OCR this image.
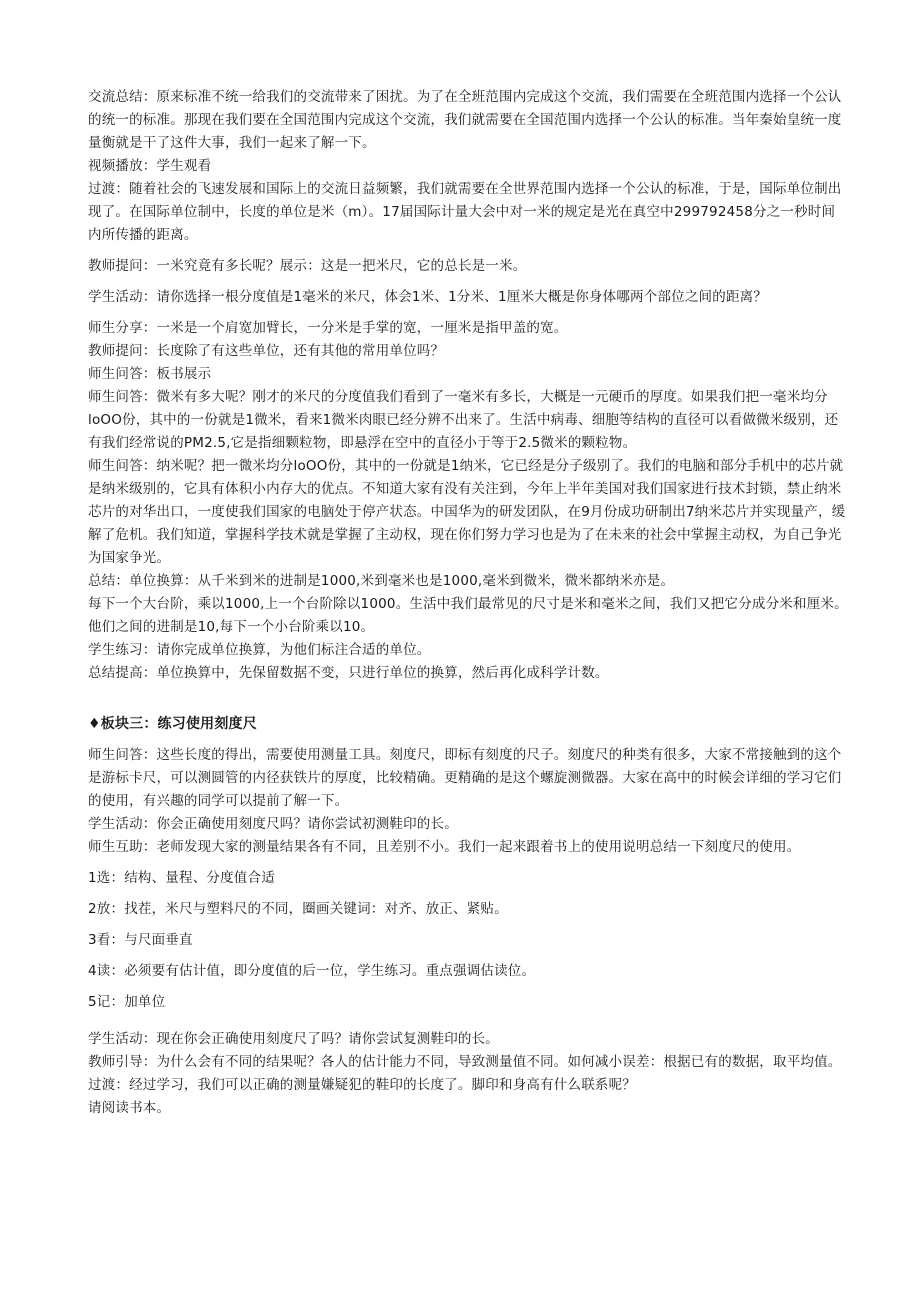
交流总结：原来标准不统一给我们的交流带来了困扰。为了在全班范围内完成这个交流，我们需要在全班范围内选择一个公认的统一的标准。那现在我们要在全国范围内完成这个交流，我们就需要在全国范围内选择一个公认的标准。当年秦始皇统一度量衡就是干了这件大事，我们一起来了解一下。

视频播放：学生观看

过渡：随着社会的飞速发展和国际上的交流日益频繁，我们就需要在全世界范围内选择一个公认的标准，于是，国际单位制出现了。在国际单位制中，长度的单位是米（m）。17届国际计量大会中对一米的规定是光在真空中299792458分之一秒时间内所传播的距离。

教师提问：一米究竟有多长呢？展示：这是一把米尺，它的总长是一米。

学生活动：请你选择一根分度值是1毫米的米尺，体会1米、1分米、1厘米大概是你身体哪两个部位之间的距离？

师生分享：一米是一个肩宽加臂长，一分米是手掌的宽，一厘米是指甲盖的宽。

教师提问：长度除了有这些单位，还有其他的常用单位吗？

师生问答：板书展示

师生问答：微米有多大呢？刚才的米尺的分度值我们看到了一毫米有多长，大概是一元硬币的厚度。如果我们把一毫米均分loOO份，其中的一份就是1微米，看来1微米肉眼已经分辨不出来了。生活中病毒、细胞等结构的直径可以看做微米级别，还有我们经常说的PM2.5,它是指细颗粒物，即悬浮在空中的直径小于等于2.5微米的颗粒物。

师生问答：纳米呢？把一微米均分loOO份，其中的一份就是1纳米，它已经是分子级别了。我们的电脑和部分手机中的芯片就是纳米级别的，它具有体积小内存大的优点。不知道大家有没有关注到，今年上半年美国对我们国家进行技术封锁，禁止纳米芯片的对华出口，一度使我们国家的电脑处于停产状态。中国华为的研发团队，在9月份成功研制出7纳米芯片并实现量产，缓解了危机。我们知道，掌握科学技术就是掌握了主动权，现在你们努力学习也是为了在未来的社会中掌握主动权，为自己争光为国家争光。

总结：单位换算：从千米到米的进制是1000,米到毫米也是1000,毫米到微米，微米都纳米亦是。

每下一个大台阶，乘以1000,上一个台阶除以1000。生活中我们最常见的尺寸是米和毫米之间，我们又把它分成分米和厘米。他们之间的进制是10,每下一个小台阶乘以10。

学生练习：请你完成单位换算，为他们标注合适的单位。

总结提高：单位换算中，先保留数据不变，只进行单位的换算，然后再化成科学计数。

♦板块三：练习使用刻度尺

师生问答：这些长度的得出，需要使用测量工具。刻度尺，即标有刻度的尺子。刻度尺的种类有很多，大家不常接触到的这个是游标卡尺，可以测圆管的内径获铁片的厚度，比较精确。更精确的是这个螺旋测微器。大家在高中的时候会详细的学习它们的使用，有兴趣的同学可以提前了解一下。

学生活动：你会正确使用刻度尺吗？请你尝试初测鞋印的长。

师生互助：老师发现大家的测量结果各有不同，且差别不小。我们一起来跟着书上的使用说明总结一下刻度尺的使用。

1选：结构、量程、分度值合适

2放：找茬，米尺与塑料尺的不同，圈画关键词：对齐、放正、紧贴。

3看：与尺面垂直

4读：必须要有估计值，即分度值的后一位，学生练习。重点强调估读位。

5记：加单位

学生活动：现在你会正确使用刻度尺了吗？请你尝试复测鞋印的长。

教师引导：为什么会有不同的结果呢？各人的估计能力不同，导致测量值不同。如何减小误差：根据已有的数据，取平均值。

过渡：经过学习，我们可以正确的测量嫌疑犯的鞋印的长度了。脚印和身高有什么联系呢？

请阅读书本。
